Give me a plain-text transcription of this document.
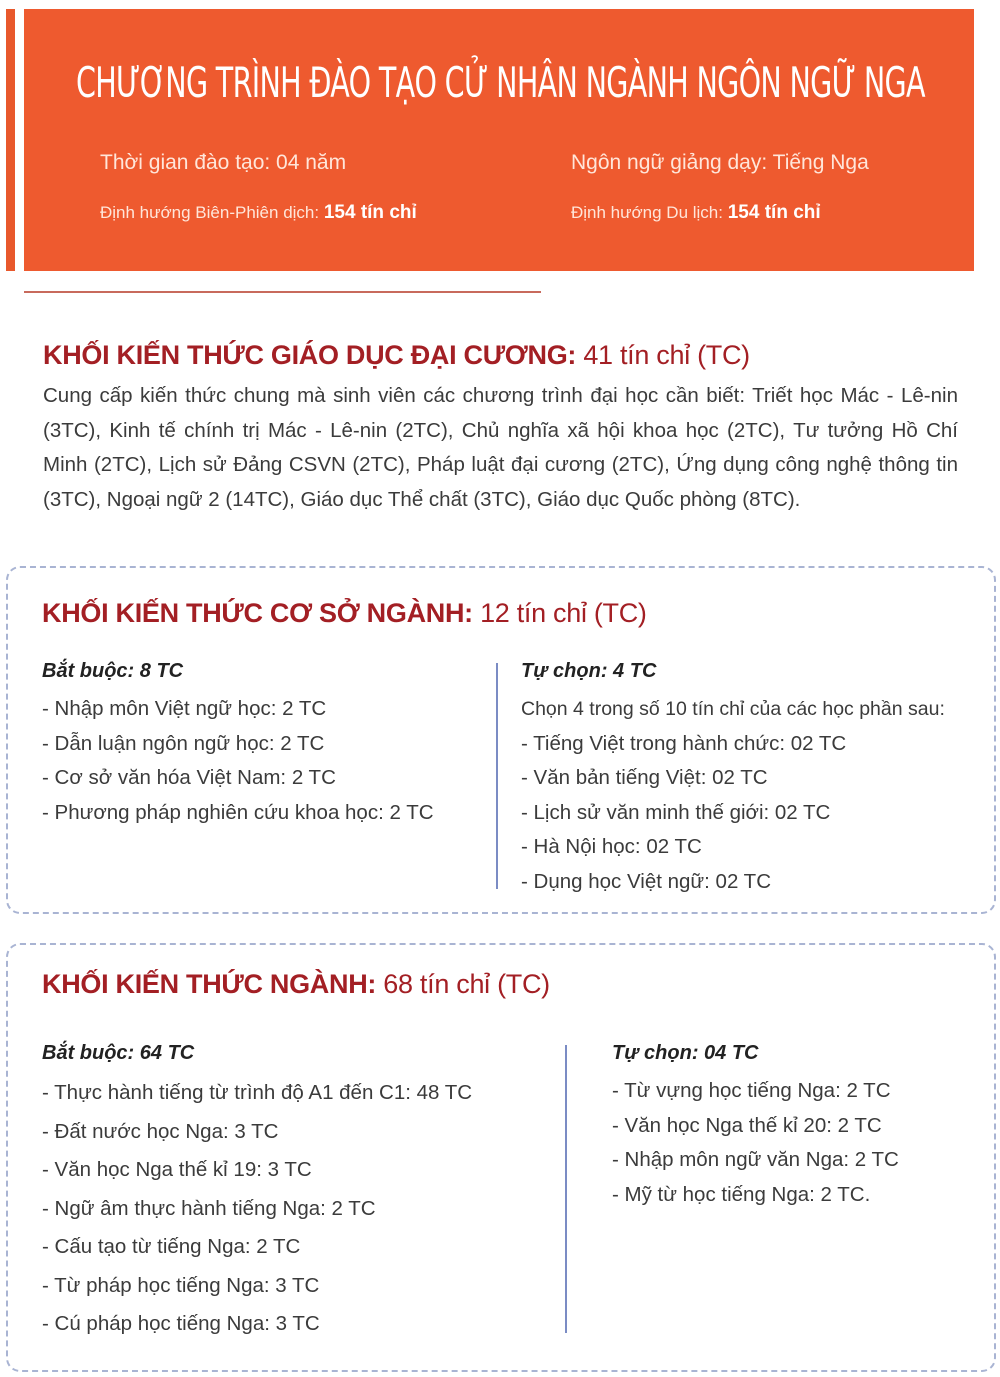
CHƯƠNG TRÌNH ĐÀO TẠO CỬ NHÂN NGÀNH NGÔN NGỮ NGA
Thời gian đào tạo: 04 năm	Ngôn ngữ giảng dạy: Tiếng Nga
Định hướng Biên-Phiên dịch: 154 tín chỉ	Định hướng Du lịch: 154 tín chỉ
KHỐI KIẾN THỨC GIÁO DỤC ĐẠI CƯƠNG: 41 tín chỉ (TC)

Cung cấp kiến thức chung mà sinh viên các chương trình đại học cần biết: Triết học Mác - Lê-nin (3TC), Kinh tế chính trị Mác - Lê-nin (2TC), Chủ nghĩa xã hội khoa học (2TC), Tư tưởng Hồ Chí Minh (2TC), Lịch sử Đảng CSVN (2TC), Pháp luật đại cương (2TC), Ứng dụng công nghệ thông tin (3TC), Ngoại ngữ 2 (14TC), Giáo dục Thể chất (3TC), Giáo dục Quốc phòng (8TC).

KHỐI KIẾN THỨC CƠ SỞ NGÀNH: 12 tín chỉ (TC)
Bắt buộc: 8 TC
- Nhập môn Việt ngữ học: 2 TC
- Dẫn luận ngôn ngữ học: 2 TC
- Cơ sở văn hóa Việt Nam: 2 TC
- Phương pháp nghiên cứu khoa học: 2 TC
Tự chọn: 4 TC
Chọn 4 trong số 10 tín chỉ của các học phần sau:
- Tiếng Việt trong hành chức: 02 TC
- Văn bản tiếng Việt: 02 TC
- Lịch sử văn minh thế giới: 02 TC
- Hà Nội học: 02 TC
- Dụng học Việt ngữ: 02 TC
KHỐI KIẾN THỨC NGÀNH: 68 tín chỉ (TC)
Bắt buộc: 64 TC
- Thực hành tiếng từ trình độ A1 đến C1: 48 TC
- Đất nước học Nga: 3 TC
- Văn học Nga thế kỉ 19: 3 TC
- Ngữ âm thực hành tiếng Nga: 2 TC
- Cấu tạo từ tiếng Nga: 2 TC
- Từ pháp học tiếng Nga: 3 TC
- Cú pháp học tiếng Nga: 3 TC
Tự chọn: 04 TC
- Từ vựng học tiếng Nga: 2 TC
- Văn học Nga thế kỉ 20: 2 TC
- Nhập môn ngữ văn Nga: 2 TC
- Mỹ từ học tiếng Nga: 2 TC.
